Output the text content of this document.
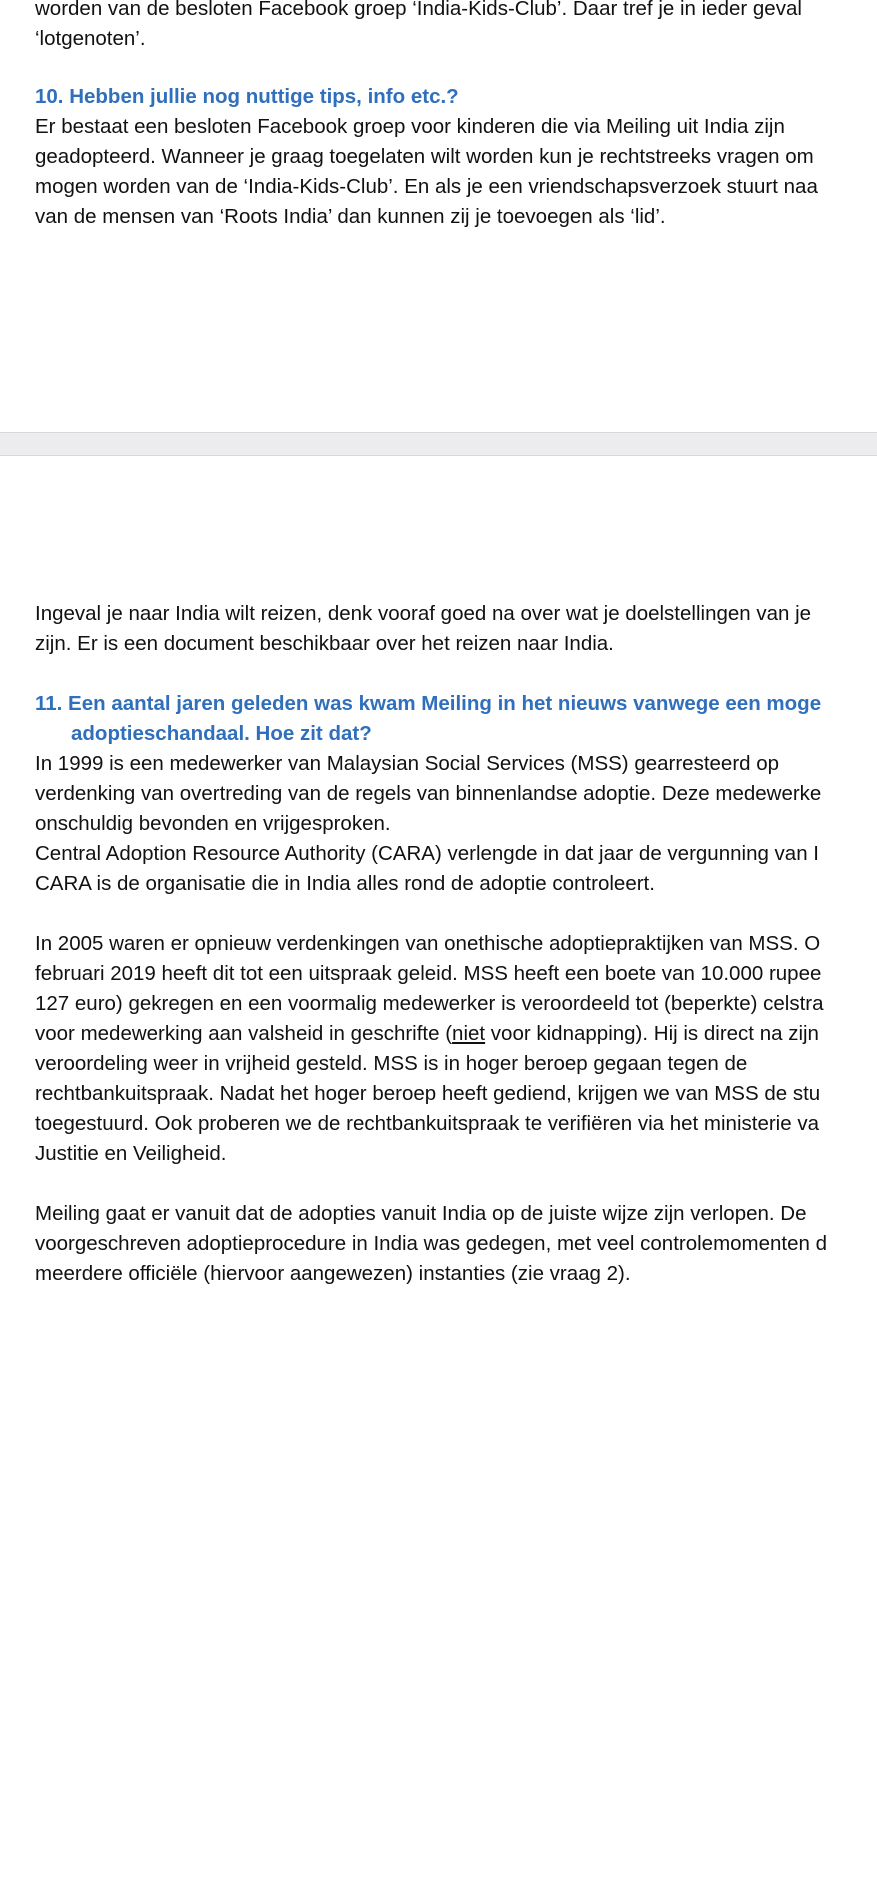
worden van de besloten Facebook groep ‘India-Kids-Club’. Daar tref je in ieder geval
‘lotgenoten’.
10. Hebben jullie nog nuttige tips, info etc.?
Er bestaat een besloten Facebook groep voor kinderen die via Meiling uit India zijn
geadopteerd. Wanneer je graag toegelaten wilt worden kun je rechtstreeks vragen om
mogen worden van de ‘India-Kids-Club’. En als je een vriendschapsverzoek stuurt naa
van de mensen van ‘Roots India’ dan kunnen zij je toevoegen als ‘lid’.
Ingeval je naar India wilt reizen, denk vooraf goed na over wat je doelstellingen van je
zijn. Er is een document beschikbaar over het reizen naar India.
11. Een aantal jaren geleden was kwam Meiling in het nieuws vanwege een moge
adoptieschandaal. Hoe zit dat?
In 1999 is een medewerker van Malaysian Social Services (MSS) gearresteerd op
verdenking van overtreding van de regels van binnenlandse adoptie. Deze medewerke
onschuldig bevonden en vrijgesproken.
Central Adoption Resource Authority (CARA) verlengde in dat jaar de vergunning van I
CARA is de organisatie die in India alles rond de adoptie controleert.
In 2005 waren er opnieuw verdenkingen van onethische adoptiepraktijken van MSS. O
februari 2019 heeft dit tot een uitspraak geleid. MSS heeft een boete van 10.000 rupee
127 euro) gekregen en een voormalig medewerker is veroordeeld tot (beperkte) celstra
voor medewerking aan valsheid in geschrifte (niet voor kidnapping). Hij is direct na zijn
veroordeling weer in vrijheid gesteld. MSS is in hoger beroep gegaan tegen de
rechtbankuitspraak. Nadat het hoger beroep heeft gediend, krijgen we van MSS de stu
toegestuurd. Ook proberen we de rechtbankuitspraak te verifiëren via het ministerie va
Justitie en Veiligheid.
Meiling gaat er vanuit dat de adopties vanuit India op de juiste wijze zijn verlopen. De
voorgeschreven adoptieprocedure in India was gedegen, met veel controlemomenten d
meerdere officiële (hiervoor aangewezen) instanties (zie vraag 2).
